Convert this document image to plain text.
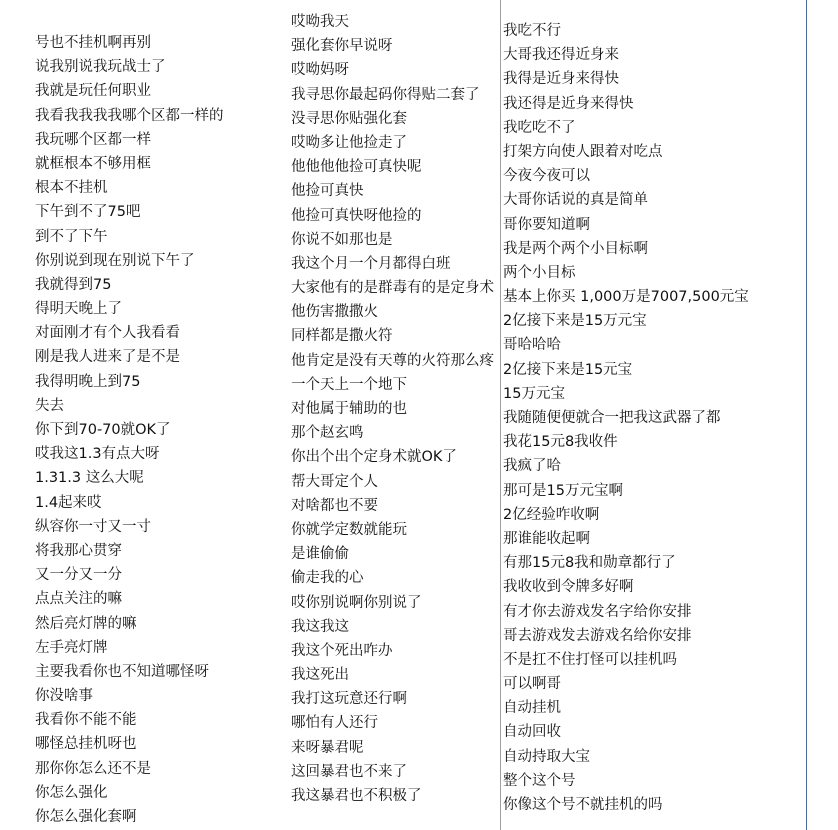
号也不挂机啊再别
说我别说我玩战士了
我就是玩任何职业
我看我我我我哪个区都一样的
我玩哪个区都一样
就框根本不够用框
根本不挂机
下午到不了75吧
到不了下午
你别说到现在别说下午了
我就得到75
得明天晚上了
对面刚才有个人我看看
刚是我人进来了是不是
我得明晚上到75
失去
你下到70-70就OK了
哎我这1.3有点大呀
1.31.3 这么大呢
1.4起来哎
纵容你一寸又一寸
将我那心贯穿
又一分又一分
点点关注的嘛
然后亮灯牌的嘛
左手亮灯牌
主要我看你也不知道哪怪呀
你没啥事
我看你不能不能
哪怪总挂机呀也
那你你怎么还不是
你怎么强化
你怎么强化套啊
哎呦我天
强化套你早说呀
哎呦妈呀
我寻思你最起码你得贴二套了
没寻思你贴强化套
哎呦多让他捡走了
他他他他捡可真快呢
他捡可真快
他捡可真快呀他捡的
你说不如那也是
我这个月一个月都得白班
大家他有的是群毒有的是定身术
他伤害撒撒火
同样都是撒火符
他肯定是没有天尊的火符那么疼
一个天上一个地下
对他属于辅助的也
那个赵玄鸣
你出个出个定身术就OK了
帮大哥定个人
对啥都也不要
你就学定数就能玩
是谁偷偷
偷走我的心
哎你别说啊你别说了
我这我这
我这个死出咋办
我这死出
我打这玩意还行啊
哪怕有人还行
来呀暴君呢
这回暴君也不来了
我这暴君也不积极了
我吃不行
大哥我还得近身来
我得是近身来得快
我还得是近身来得快
我吃吃不了
打架方向使人跟着对吃点
今夜今夜可以
大哥你话说的真是简单
哥你要知道啊
我是两个两个小目标啊
两个小目标
基本上你买 1,000万是7007,500元宝
2亿接下来是15万元宝
哥哈哈哈
2亿接下来是15元宝
15万元宝
我随随便便就合一把我这武器了都
我花15元8我收件
我疯了哈
那可是15万元宝啊
2亿经验咋收啊
那谁能收起啊
有那15元8我和勋章都行了
我收收到令牌多好啊
有才你去游戏发名字给你安排
哥去游戏发去游戏名给你安排
不是扛不住打怪可以挂机吗
可以啊哥
自动挂机
自动回收
自动持取大宝
整个这个号
你像这个号不就挂机的吗
